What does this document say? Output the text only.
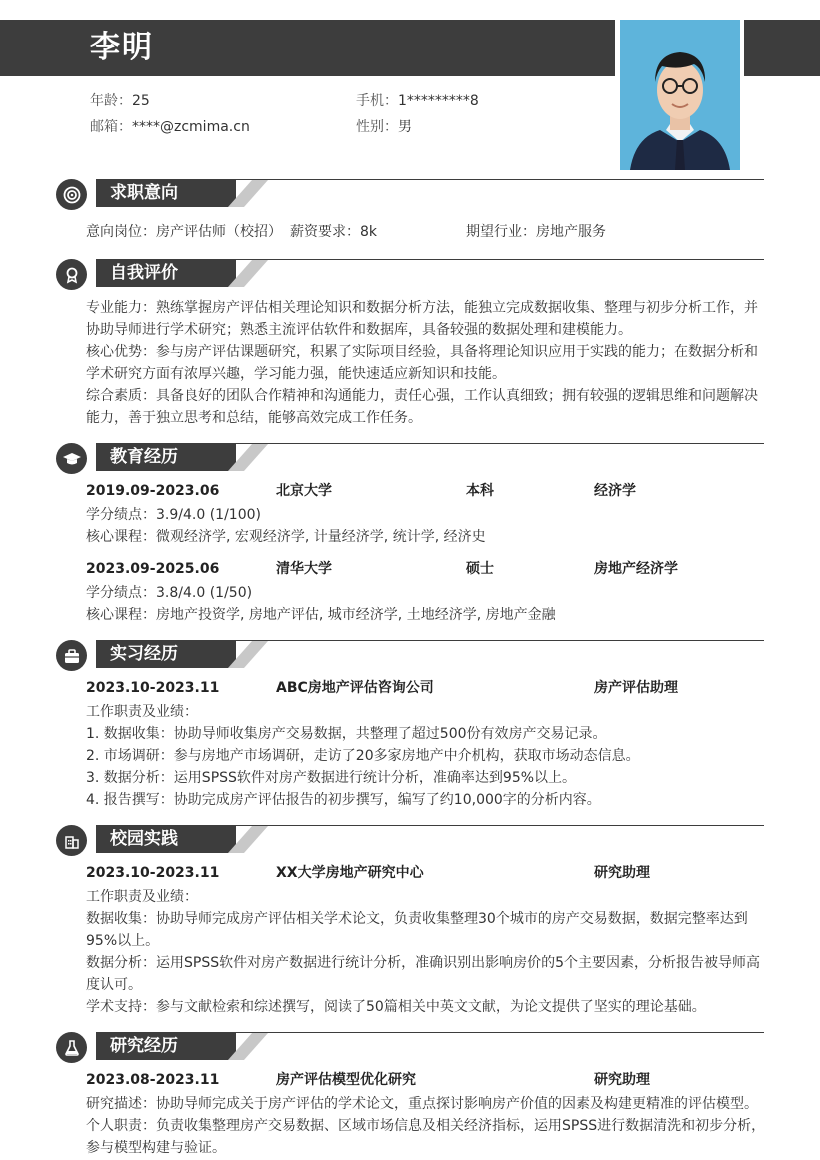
李明
年龄：25	手机：1*********8
邮箱：****@zcmima.cn	性别：男
求职意向
意向岗位：房产评估师（校招） 薪资要求：8k	期望行业：房地产服务
自我评价
专业能力：熟练掌握房产评估相关理论知识和数据分析方法，能独立完成数据收集、整理与初步分析工作，并协助导师进行学术研究；熟悉主流评估软件和数据库，具备较强的数据处理和建模能力。
核心优势：参与房产评估课题研究，积累了实际项目经验，具备将理论知识应用于实践的能力；在数据分析和学术研究方面有浓厚兴趣，学习能力强，能快速适应新知识和技能。
综合素质：具备良好的团队合作精神和沟通能力，责任心强，工作认真细致；拥有较强的逻辑思维和问题解决能力，善于独立思考和总结，能够高效完成工作任务。
教育经历
2019.09-2023.06	北京大学	本科	经济学
学分绩点：3.9/4.0 (1/100)
核心课程：微观经济学, 宏观经济学, 计量经济学, 统计学, 经济史
2023.09-2025.06	清华大学	硕士	房地产经济学
学分绩点：3.8/4.0 (1/50)
核心课程：房地产投资学, 房地产评估, 城市经济学, 土地经济学, 房地产金融
实习经历
2023.10-2023.11	ABC房地产评估咨询公司	房产评估助理
工作职责及业绩：
1. 数据收集：协助导师收集房产交易数据，共整理了超过500份有效房产交易记录。
2. 市场调研：参与房地产市场调研，走访了20多家房地产中介机构，获取市场动态信息。
3. 数据分析：运用SPSS软件对房产数据进行统计分析，准确率达到95%以上。
4. 报告撰写：协助完成房产评估报告的初步撰写，编写了约10,000字的分析内容。
校园实践
2023.10-2023.11	XX大学房地产研究中心	研究助理
工作职责及业绩：
数据收集：协助导师完成房产评估相关学术论文，负责收集整理30个城市的房产交易数据，数据完整率达到95%以上。
数据分析：运用SPSS软件对房产数据进行统计分析，准确识别出影响房价的5个主要因素，分析报告被导师高度认可。
学术支持：参与文献检索和综述撰写，阅读了50篇相关中英文文献，为论文提供了坚实的理论基础。
研究经历
2023.08-2023.11	房产评估模型优化研究	研究助理
研究描述：协助导师完成关于房产评估的学术论文，重点探讨影响房产价值的因素及构建更精准的评估模型。
个人职责：负责收集整理房产交易数据、区域市场信息及相关经济指标，运用SPSS进行数据清洗和初步分析，参与模型构建与验证。
